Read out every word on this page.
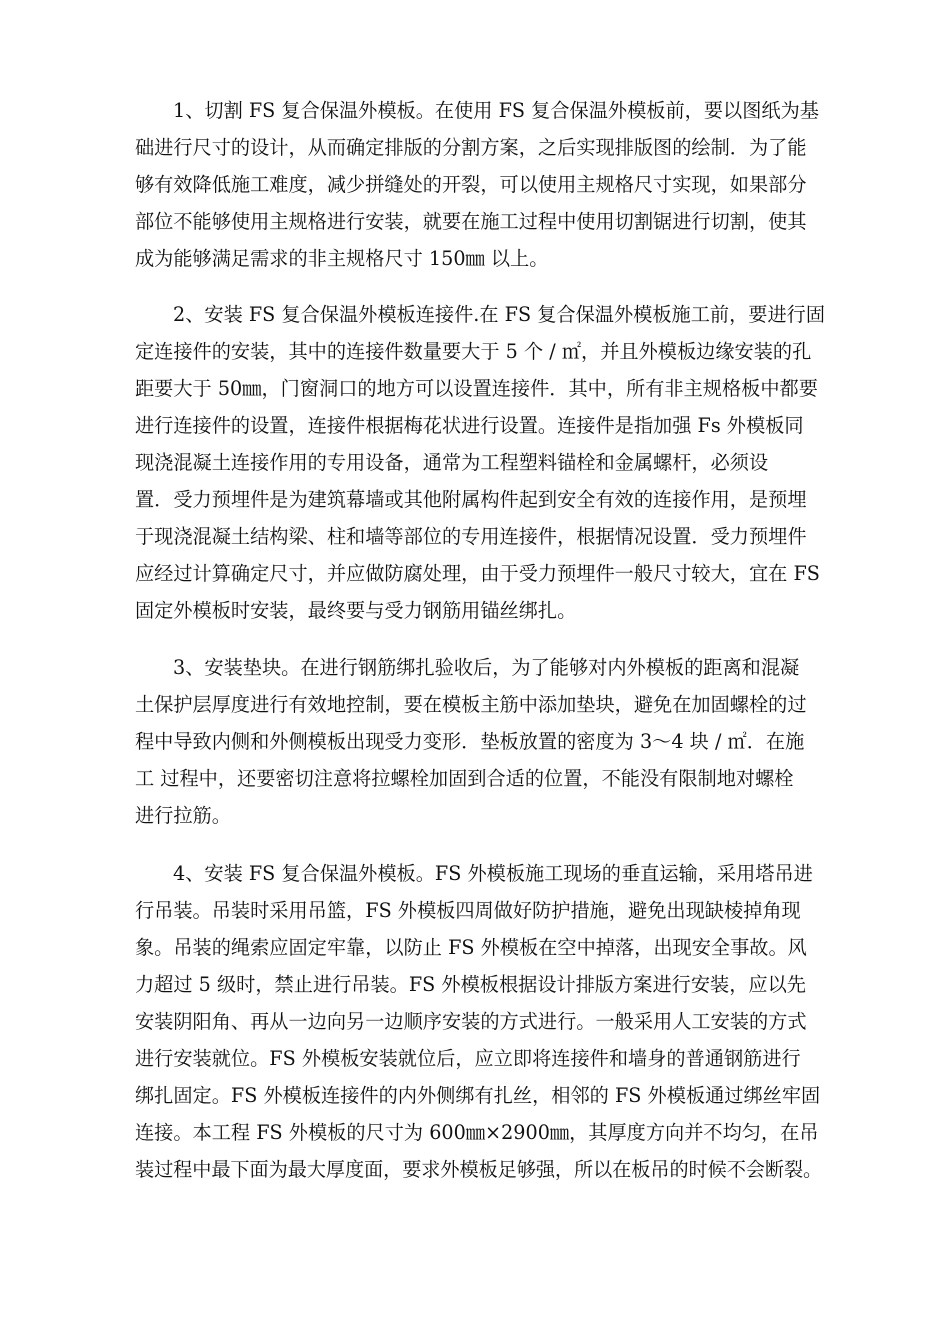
1、切割 FS 复合保温外模板。在使用 FS 复合保温外模板前，要以图纸为基
础进行尺寸的设计，从而确定排版的分割方案，之后实现排版图的绘制．为了能
够有效降低施工难度，减少拼缝处的开裂，可以使用主规格尺寸实现，如果部分
部位不能够使用主规格进行安装，就要在施工过程中使用切割锯进行切割，使其
成为能够满足需求的非主规格尺寸 150㎜ 以上。
2、安装 FS 复合保温外模板连接件.在 FS 复合保温外模板施工前，要进行固
定连接件的安装，其中的连接件数量要大于 5 个 / ㎡，并且外模板边缘安装的孔
距要大于 50㎜，门窗洞口的地方可以设置连接件．其中，所有非主规格板中都要
进行连接件的设置，连接件根据梅花状进行设置。连接件是指加强 Fs 外模板同
现浇混凝土连接作用的专用设备，通常为工程塑料锚栓和金属螺杆，必须设
置．受力预埋件是为建筑幕墙或其他附属构件起到安全有效的连接作用，是预埋
于现浇混凝土结构梁、柱和墙等部位的专用连接件，根据情况设置．受力预埋件
应经过计算确定尺寸，并应做防腐处理，由于受力预埋件一般尺寸较大，宜在 FS
固定外模板时安装，最终要与受力钢筋用锚丝绑扎。
3、安装垫块。在进行钢筋绑扎验收后，为了能够对内外模板的距离和混凝
土保护层厚度进行有效地控制，要在模板主筋中添加垫块，避免在加固螺栓的过
程中导致内侧和外侧模板出现受力变形．垫板放置的密度为 3～4 块 / ㎡．在施
工 过程中，还要密切注意将拉螺栓加固到合适的位置，不能没有限制地对螺栓
进行拉筋。
4、安装 FS 复合保温外模板。FS 外模板施工现场的垂直运输，采用塔吊进
行吊装。吊装时采用吊篮，FS 外模板四周做好防护措施，避免出现缺棱掉角现
象。吊装的绳索应固定牢靠，以防止 FS 外模板在空中掉落，出现安全事故。风
力超过 5 级时，禁止进行吊装。FS 外模板根据设计排版方案进行安装，应以先
安装阴阳角、再从一边向另一边顺序安装的方式进行。一般采用人工安装的方式
进行安装就位。FS 外模板安装就位后，应立即将连接件和墙身的普通钢筋进行
绑扎固定。FS 外模板连接件的内外侧绑有扎丝，相邻的 FS 外模板通过绑丝牢固
连接。本工程 FS 外模板的尺寸为 600㎜×2900㎜，其厚度方向并不均匀，在吊
装过程中最下面为最大厚度面，要求外模板足够强，所以在板吊的时候不会断裂。
